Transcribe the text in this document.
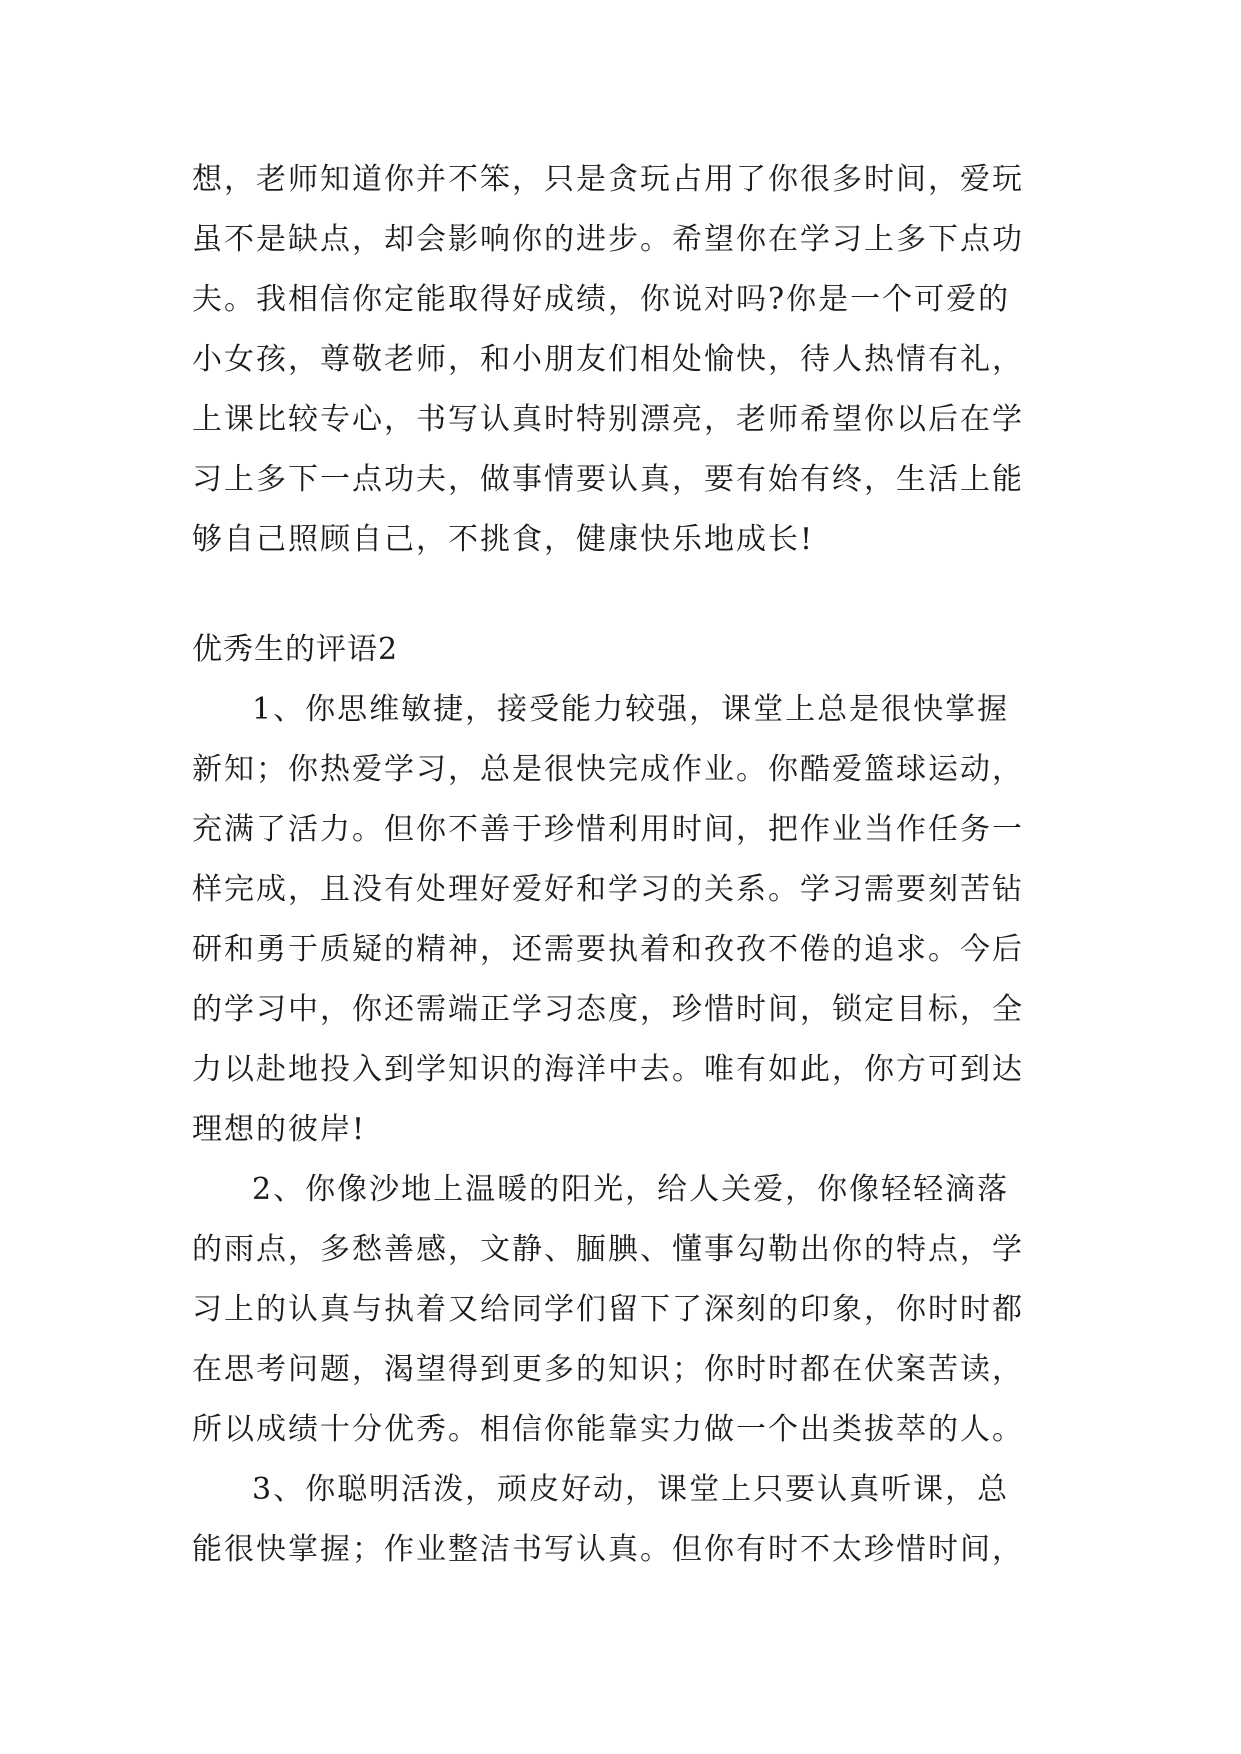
想，老师知道你并不笨，只是贪玩占用了你很多时间，爱玩
虽不是缺点，却会影响你的进步。希望你在学习上多下点功
夫。我相信你定能取得好成绩，你说对吗?你是一个可爱的
小女孩，尊敬老师，和小朋友们相处愉快，待人热情有礼，
上课比较专心，书写认真时特别漂亮，老师希望你以后在学
习上多下一点功夫，做事情要认真，要有始有终，生活上能
够自己照顾自己，不挑食，健康快乐地成长!
优秀生的评语2
1、你思维敏捷，接受能力较强，课堂上总是很快掌握
新知；你热爱学习，总是很快完成作业。你酷爱篮球运动，
充满了活力。但你不善于珍惜利用时间，把作业当作任务一
样完成，且没有处理好爱好和学习的关系。学习需要刻苦钻
研和勇于质疑的精神，还需要执着和孜孜不倦的追求。今后
的学习中，你还需端正学习态度，珍惜时间，锁定目标，全
力以赴地投入到学知识的海洋中去。唯有如此，你方可到达
理想的彼岸!
2、你像沙地上温暖的阳光，给人关爱，你像轻轻滴落
的雨点，多愁善感，文静、腼腆、懂事勾勒出你的特点，学
习上的认真与执着又给同学们留下了深刻的印象，你时时都
在思考问题，渴望得到更多的知识；你时时都在伏案苦读，
所以成绩十分优秀。相信你能靠实力做一个出类拔萃的人。
3、你聪明活泼，顽皮好动，课堂上只要认真听课，总
能很快掌握；作业整洁书写认真。但你有时不太珍惜时间，
